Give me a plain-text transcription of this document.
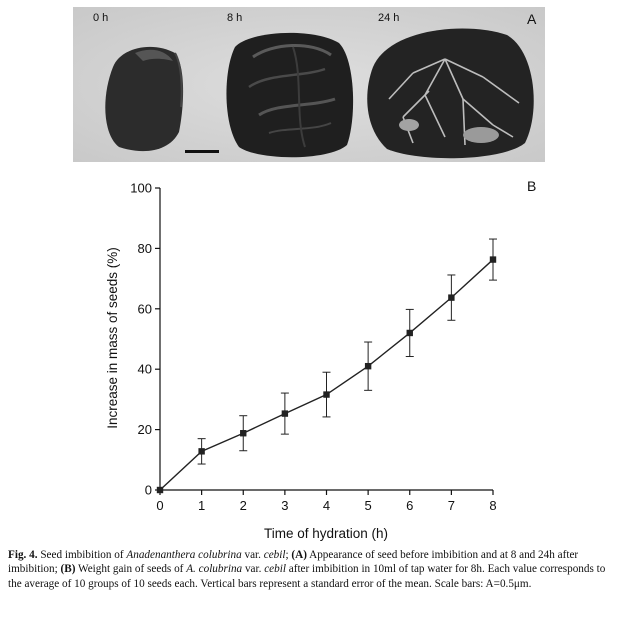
0 h	8 h	24 h	A
0
20
40
60
80
100
0	1	2	3	4	5	6	7	8
Time of hydration (h)
Increase in mass of seeds (%)
B

Fig. 4. Seed imbibition of Anadenanthera colubrina var. cebil; (A) Appearance of seed before imbibition and at 8 and 24h after imbibition; (B) Weight gain of seeds of A. colubrina var. cebil after imbibition in 10ml of tap water for 8h. Each value corresponds to the average of 10 groups of 10 seeds each. Vertical bars represent a standard error of the mean. Scale bars: A=0.5μm.
